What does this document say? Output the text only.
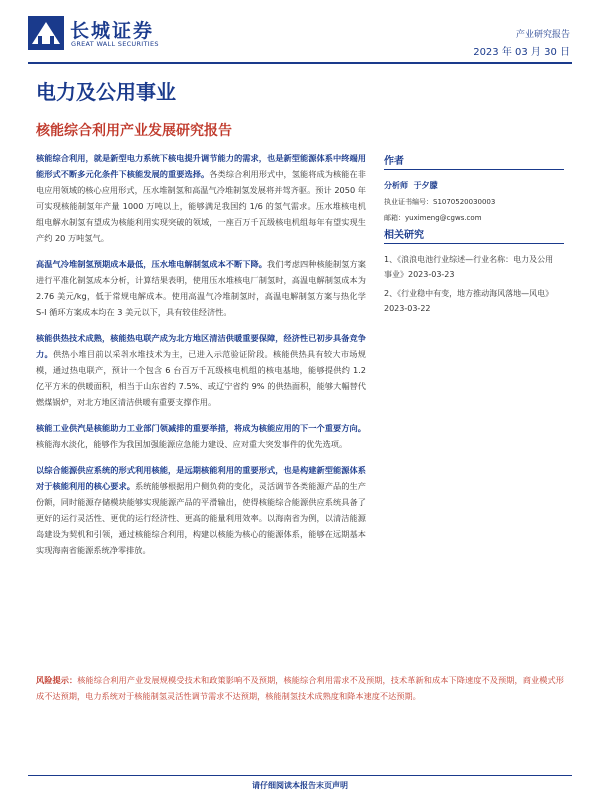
长城证券
GREAT WALL SECURITIES
产业研究报告
2023 年 03 月 30 日
电力及公用事业
核能综合利用产业发展研究报告

核能综合利用，就是新型电力系统下核电提升调节能力的需求，也是新型能源体系中终端用能形式不断多元化条件下核能发展的重要选择。各类综合利用形式中，氢能将成为核能在非电应用领域的核心应用形式，压水堆制氢和高温气冷堆制氢发展将并驾齐驱。预计 2050 年可实现核能制氢年产量 1000 万吨以上，能够满足我国约 1/6 的氢气需求。压水堆核电机组电解水制氢有望成为核能利用实现突破的领域，一座百万千瓦级核电机组每年有望实现生产约 20 万吨氢气。

高温气冷堆制氢预期成本最低，压水堆电解制氢成本不断下降。我们考虑四种核能制氢方案进行平准化制氢成本分析，计算结果表明，使用压水堆核电厂制氢时，高温电解制氢成本为 2.76 美元/kg，低于常规电解成本。使用高温气冷堆制氢时，高温电解制氢方案与热化学 S-I 循环方案成本均在 3 美元以下，具有较佳经济性。

核能供热技术成熟，核能热电联产成为北方地区清洁供暖重要保障，经济性已初步具备竞争力。供热小堆目前以采취水堆技术为主，已进入示范验证阶段。核能供热具有较大市场规模，通过热电联产，预计一个包含 6 台百万千瓦级核电机组的核电基地，能够提供约 1.2 亿平方米的供暖面积，相当于山东省约 7.5%、或辽宁省约 9% 的供热面积，能够大幅替代燃煤锅炉，对北方地区清洁供暖有重要支撑作用。

核能工业供汽是核能助力工业部门领减排的重要举措，将成为核能应用的下一个重要方向。核能海水淡化，能够作为我国加强能源应急能力建设、应对重大突发事件的优先选项。

以综合能源供应系统的形式利用核能，是远期核能利用的重要形式，也是构建新型能源体系对于核能利用的核心要求。系统能够根据用户侧负荷的变化，灵活调节各类能源产品的生产份额，同时能源存储模块能够实现能源产品的平滑输出，使得核能综合能源供应系统具备了更好的运行灵活性、更优的运行经济性、更高的能量利用效率。以海南省为例，以清洁能源岛建设为契机和引领，通过核能综合利用，构建以核能为核心的能源体系，能够在远期基本实现海南省能源系统净零排放。

作者
分析师 于夕朦
执业证书编号：S1070520030003
邮箱：yuximeng@cgws.com
相关研究
1、《浪浪电池行业综述—行业名称：电力及公用事业》2023-03-23
2、《行业稳中有变，地方推动海风落地—风电》2023-03-22
风险提示：核能综合利用产业发展规模受技术和政策影响不及预期，核能综合利用需求不及预期，技术革新和成本下降速度不及预期，商业模式形成不达预期，电力系统对于核能制氢灵活性调节需求不达预期，核能制氢技术成熟度和降本速度不达预期。
请仔细阅读本报告末页声明
